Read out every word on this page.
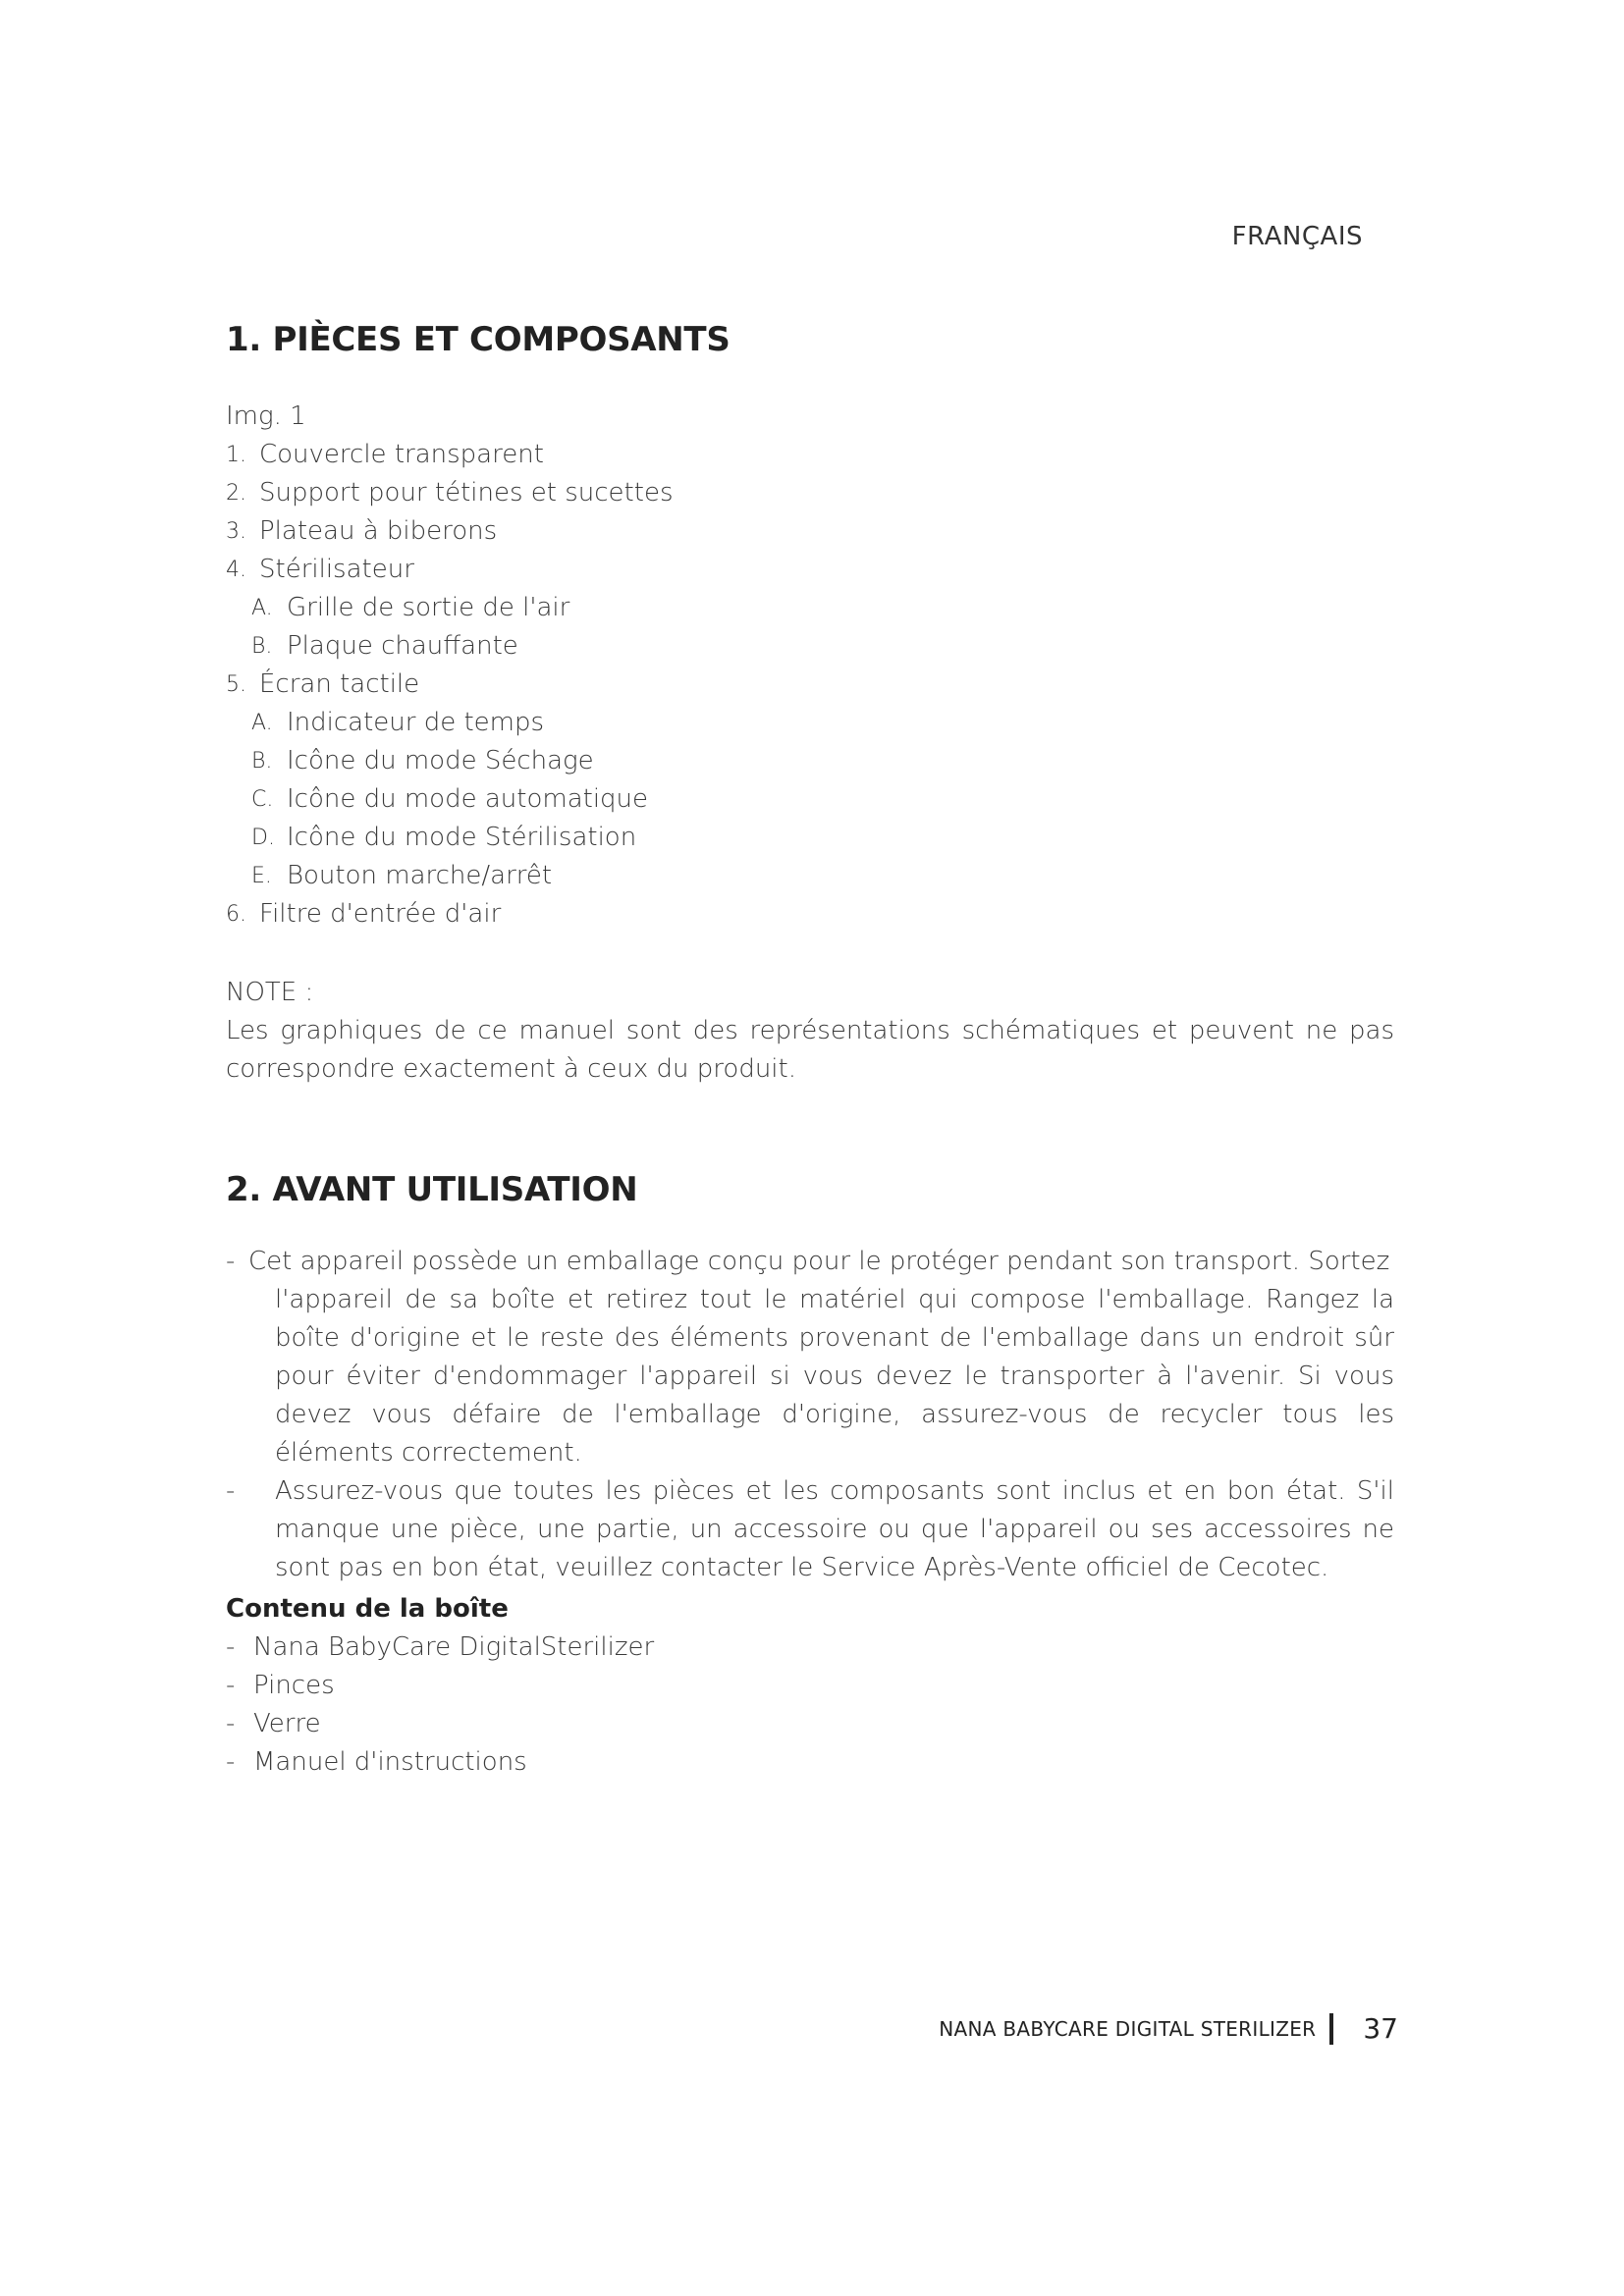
FRANÇAIS
1. PIÈCES ET COMPOSANTS
Img. 1
1. Couvercle transparent
2. Support pour tétines et sucettes
3. Plateau à biberons
4. Stérilisateur
A. Grille de sortie de l'air
B. Plaque chauffante
5. Écran tactile
A. Indicateur de temps
B. Icône du mode Séchage
C. Icône du mode automatique
D. Icône du mode Stérilisation
E. Bouton marche/arrêt
6. Filtre d'entrée d'air
NOTE :
Les graphiques de ce manuel sont des représentations schématiques et peuvent ne pas correspondre exactement à ceux du produit.
2. AVANT UTILISATION
- Cet appareil possède un emballage conçu pour le protéger pendant son transport. Sortez
l'appareil de sa boîte et retirez tout le matériel qui compose l'emballage. Rangez la boîte d'origine et le reste des éléments provenant de l'emballage dans un endroit sûr pour éviter d'endommager l'appareil si vous devez le transporter à l'avenir. Si vous devez vous défaire de l'emballage d'origine, assurez-vous de recycler tous les éléments correctement.
- Assurez-vous que toutes les pièces et les composants sont inclus et en bon état. S'il manque une pièce, une partie, un accessoire ou que l'appareil ou ses accessoires ne sont pas en bon état, veuillez contacter le Service Après-Vente officiel de Cecotec.
Contenu de la boîte
- Nana BabyCare DigitalSterilizer
- Pinces
- Verre
- Manuel d'instructions
NANA BABYCARE DIGITAL STERILIZER 37
